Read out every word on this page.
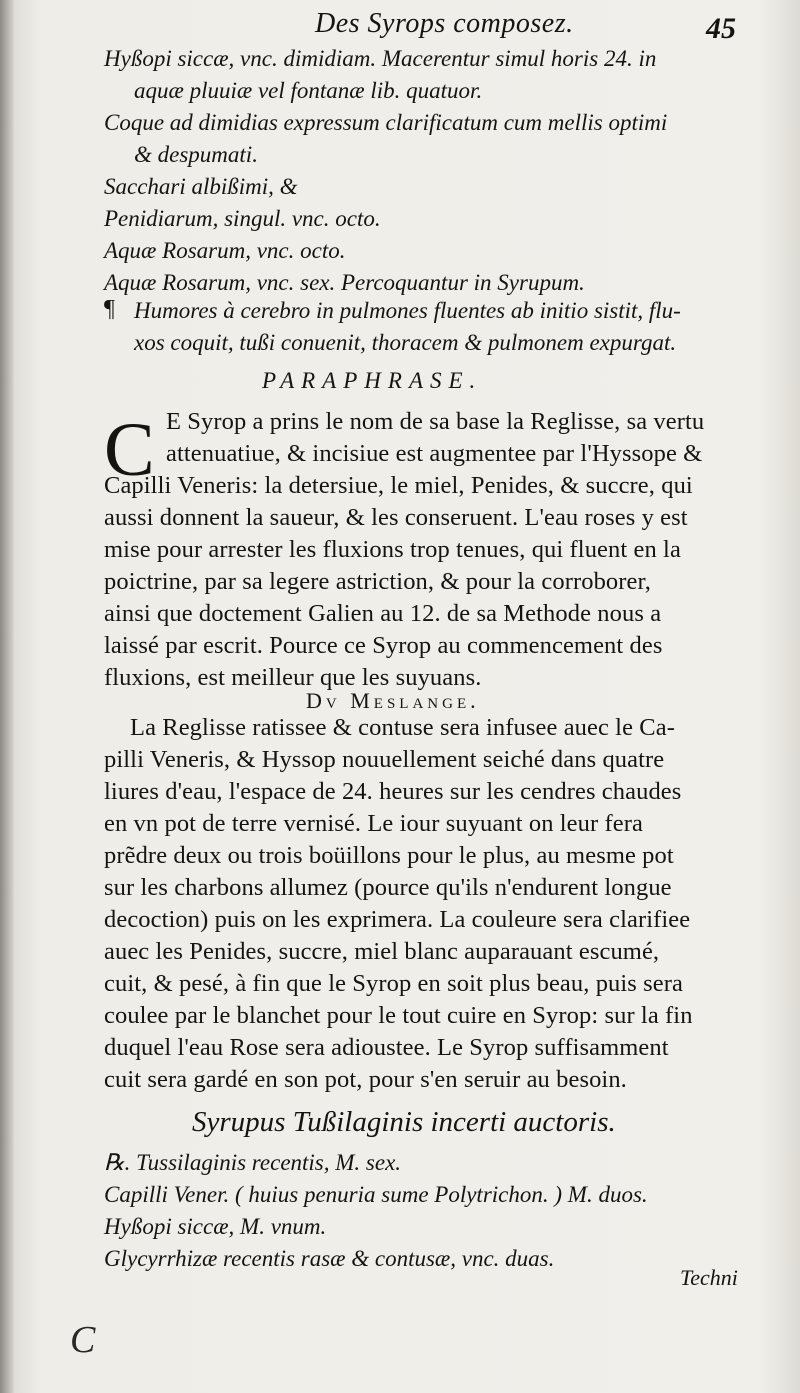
Des Syrops composez.	45
Hyßopi siccæ, vnc. dimidiam. Macerentur simul horis 24. in
aquæ pluuiæ vel fontanæ lib. quatuor.
Coque ad dimidias expressum clarificatum cum mellis optimi
& despumati.
Sacchari albißimi, &
Penidiarum, singul. vnc. octo.
Aquæ Rosarum, vnc. octo.
Aquæ Rosarum, vnc. sex. Percoquantur in Syrupum.
¶ Humores à cerebro in pulmones fluentes ab initio sistit, flu-
xos coquit, tußi conuenit, thoracem & pulmonem expurgat.
PARAPHRASE.
C E Syrop a prins le nom de sa base la Reglisse, sa vertu
attenuatiue, & incisiue est augmentee par l'Hyssope &
Capilli Veneris: la detersiue, le miel, Penides, & succre, qui
aussi donnent la saueur, & les conseruent. L'eau roses y est
mise pour arrester les fluxions trop tenues, qui fluent en la
poictrine, par sa legere astriction, & pour la corroborer,
ainsi que doctement Galien au 12. de sa Methode nous a
laissé par escrit. Pource ce Syrop au commencement des
fluxions, est meilleur que les suyuans.
Dv Meslange.
La Reglisse ratissee & contuse sera infusee auec le Ca-
pilli Veneris, & Hyssop nouuellement seiché dans quatre
liures d'eau, l'espace de 24. heures sur les cendres chaudes
en vn pot de terre vernisé. Le iour suyuant on leur fera
prẽdre deux ou trois boüillons pour le plus, au mesme pot
sur les charbons allumez (pource qu'ils n'endurent longue
decoction) puis on les exprimera. La couleure sera clarifiee
auec les Penides, succre, miel blanc auparauant escumé,
cuit, & pesé, à fin que le Syrop en soit plus beau, puis sera
coulee par le blanchet pour le tout cuire en Syrop: sur la fin
duquel l'eau Rose sera adioustee. Le Syrop suffisamment
cuit sera gardé en son pot, pour s'en seruir au besoin.
Syrupus Tußilaginis incerti auctoris.
℞. Tussilaginis recentis, M. sex.
Capilli Vener. ( huius penuria sume Polytrichon. ) M. duos.
Hyßopi siccæ, M. vnum.
Glycyrrhizæ recentis rasæ & contusæ, vnc. duas.
Techni
C
